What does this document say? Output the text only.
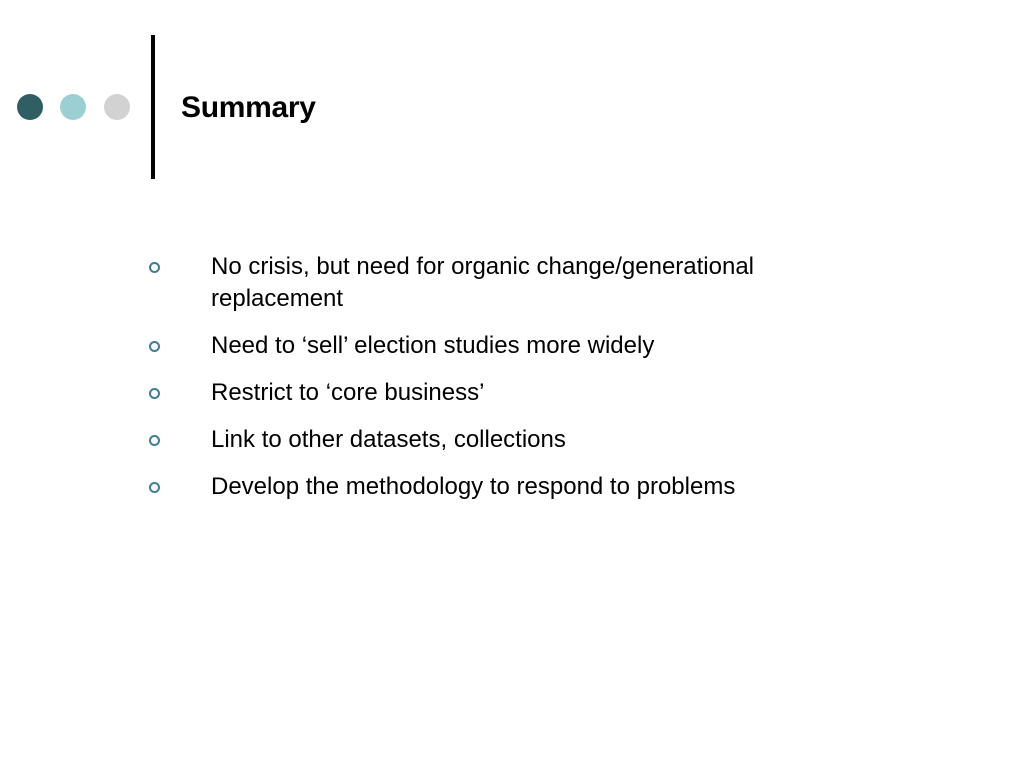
Summary
No crisis, but need for organic change/generational replacement
Need to ‘sell’ election studies more widely
Restrict to ‘core business’
Link to other datasets, collections
Develop the methodology to respond to problems
